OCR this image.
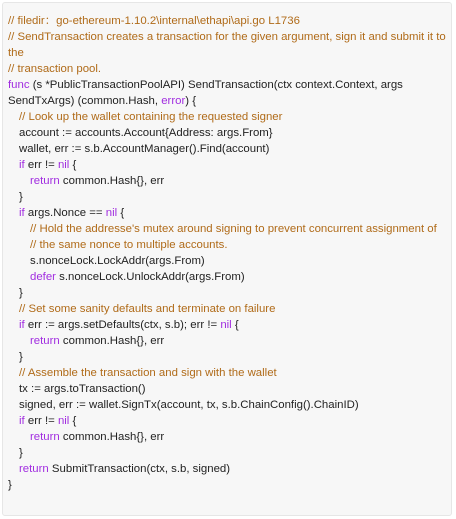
// filedir：go-ethereum-1.10.2\internal\ethapi\api.go L1736
// SendTransaction creates a transaction for the given argument, sign it and submit it to the
// transaction pool.
func (s *PublicTransactionPoolAPI) SendTransaction(ctx context.Context, args SendTxArgs) (common.Hash, error) {
// Look up the wallet containing the requested signer
account := accounts.Account{Address: args.From}
wallet, err := s.b.AccountManager().Find(account)
if err != nil {
return common.Hash{}, err
}
if args.Nonce == nil {
// Hold the addresse's mutex around signing to prevent concurrent assignment of
// the same nonce to multiple accounts.
s.nonceLock.LockAddr(args.From)
defer s.nonceLock.UnlockAddr(args.From)
}
// Set some sanity defaults and terminate on failure
if err := args.setDefaults(ctx, s.b); err != nil {
return common.Hash{}, err
}
// Assemble the transaction and sign with the wallet
tx := args.toTransaction()
signed, err := wallet.SignTx(account, tx, s.b.ChainConfig().ChainID)
if err != nil {
return common.Hash{}, err
}
return SubmitTransaction(ctx, s.b, signed)
}
